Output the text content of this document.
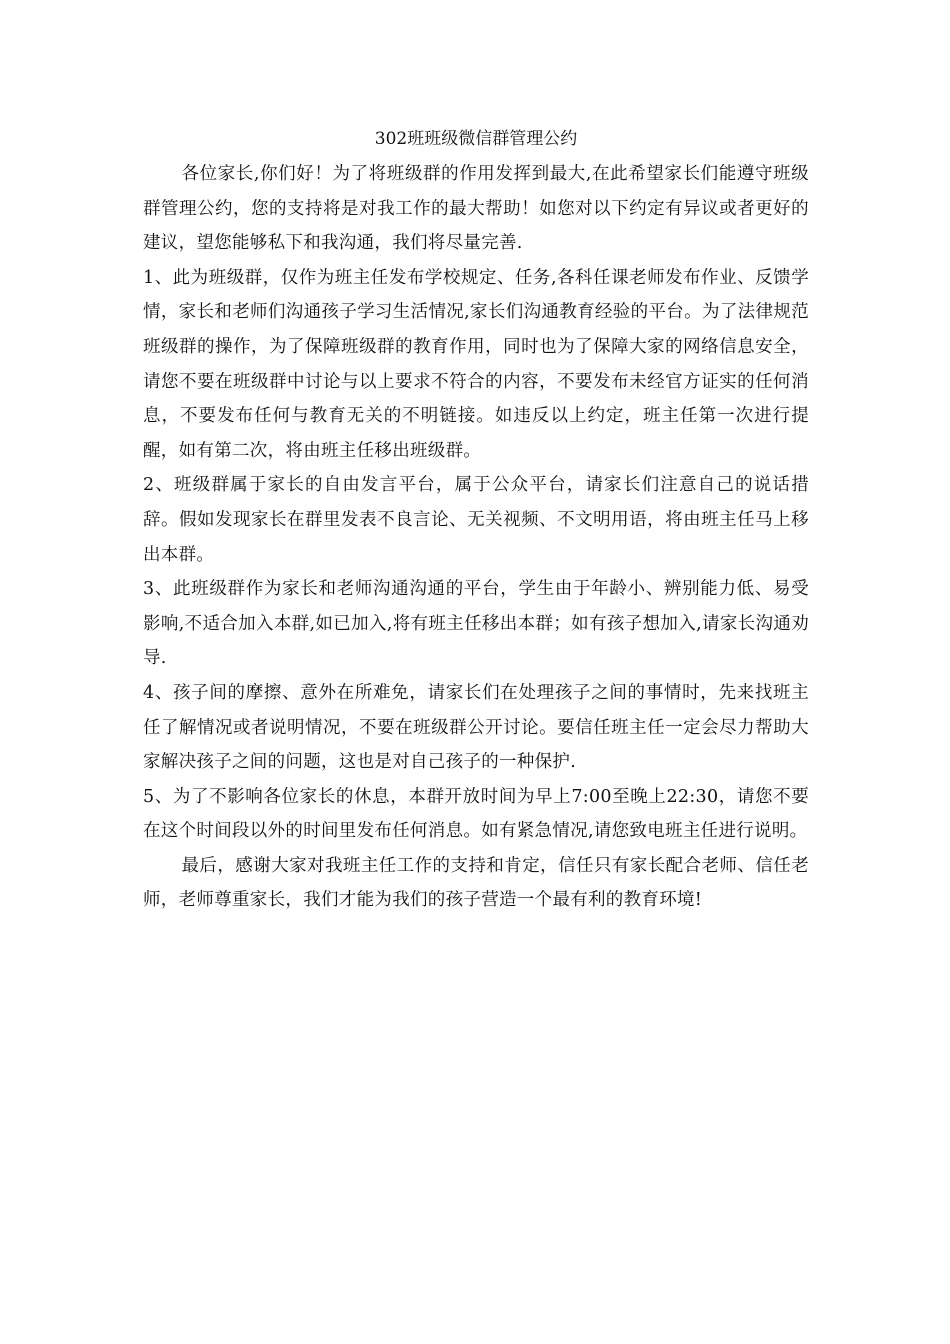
302班班级微信群管理公约

各位家长,你们好！为了将班级群的作用发挥到最大,在此希望家长们能遵守班级群管理公约，您的支持将是对我工作的最大帮助！如您对以下约定有异议或者更好的建议，望您能够私下和我沟通，我们将尽量完善.

1、此为班级群，仅作为班主任发布学校规定、任务,各科任课老师发布作业、反馈学情，家长和老师们沟通孩子学习生活情况,家长们沟通教育经验的平台。为了法律规范班级群的操作，为了保障班级群的教育作用，同时也为了保障大家的网络信息安全，请您不要在班级群中讨论与以上要求不符合的内容，不要发布未经官方证实的任何消息，不要发布任何与教育无关的不明链接。如违反以上约定，班主任第一次进行提醒，如有第二次，将由班主任移出班级群。

2、班级群属于家长的自由发言平台，属于公众平台，请家长们注意自己的说话措辞。假如发现家长在群里发表不良言论、无关视频、不文明用语，将由班主任马上移出本群。

3、此班级群作为家长和老师沟通沟通的平台，学生由于年龄小、辨别能力低、易受影响,不适合加入本群,如已加入,将有班主任移出本群；如有孩子想加入,请家长沟通劝导.

4、孩子间的摩擦、意外在所难免，请家长们在处理孩子之间的事情时，先来找班主任了解情况或者说明情况，不要在班级群公开讨论。要信任班主任一定会尽力帮助大家解决孩子之间的问题，这也是对自己孩子的一种保护.

5、为了不影响各位家长的休息，本群开放时间为早上7:00至晚上22:30，请您不要在这个时间段以外的时间里发布任何消息。如有紧急情况,请您致电班主任进行说明。

最后，感谢大家对我班主任工作的支持和肯定，信任只有家长配合老师、信任老师，老师尊重家长，我们才能为我们的孩子营造一个最有利的教育环境!
